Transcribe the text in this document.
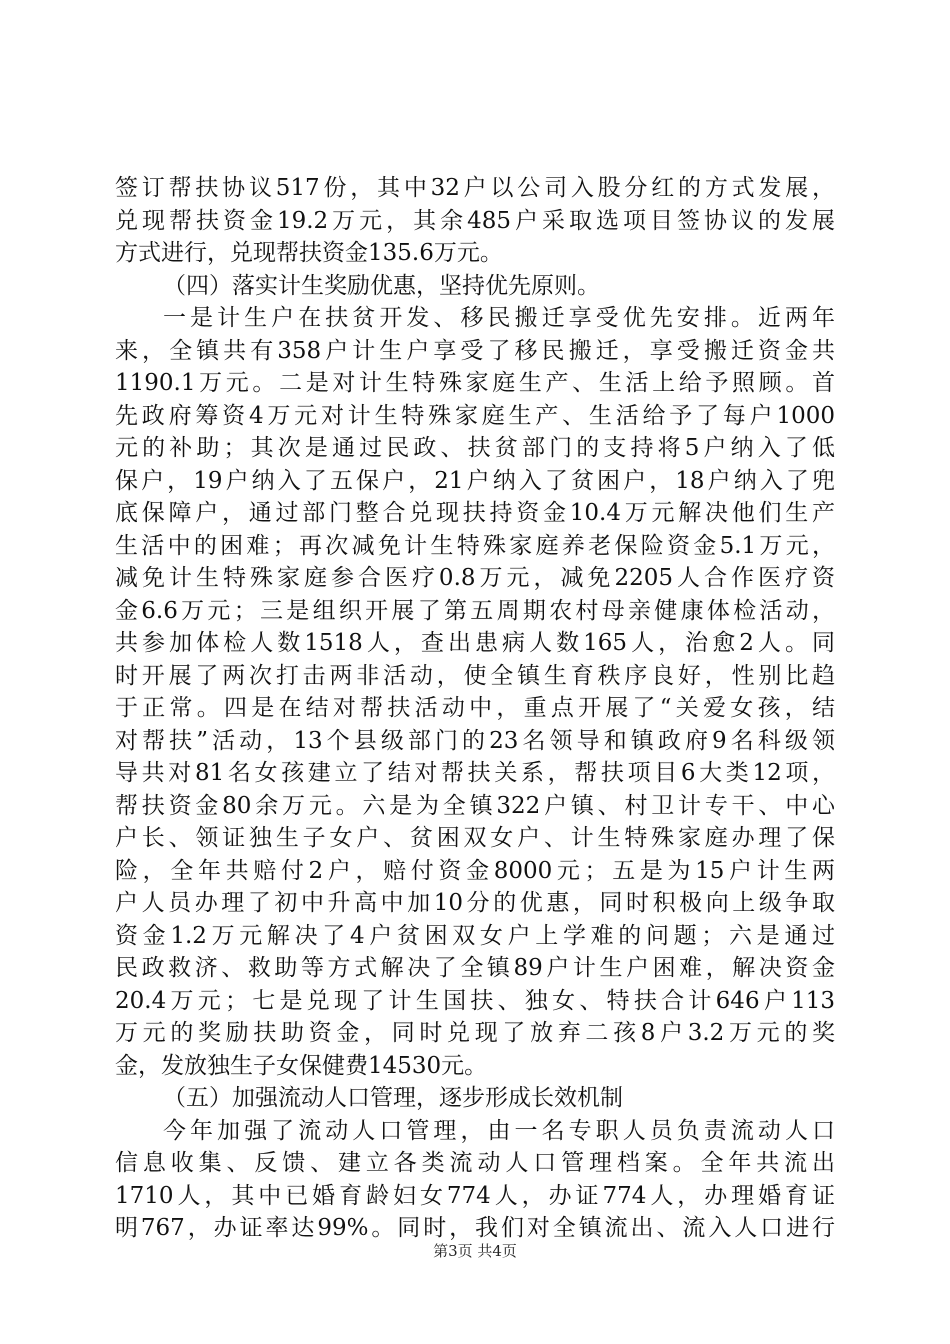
签订帮扶协议517份，其中32户以公司入股分红的方式发展，
兑现帮扶资金19.2万元，其余485户采取选项目签协议的发展
方式进行，兑现帮扶资金135.6万元。
（四）落实计生奖励优惠，坚持优先原则。
一是计生户在扶贫开发、移民搬迁享受优先安排。近两年
来，全镇共有358户计生户享受了移民搬迁，享受搬迁资金共
1190.1万元。二是对计生特殊家庭生产、生活上给予照顾。首
先政府筹资4万元对计生特殊家庭生产、生活给予了每户1000
元的补助；其次是通过民政、扶贫部门的支持将5户纳入了低
保户，19户纳入了五保户，21户纳入了贫困户，18户纳入了兜
底保障户，通过部门整合兑现扶持资金10.4万元解决他们生产
生活中的困难；再次减免计生特殊家庭养老保险资金5.1万元，
减免计生特殊家庭参合医疗0.8万元，减免2205人合作医疗资
金6.6万元；三是组织开展了第五周期农村母亲健康体检活动，
共参加体检人数1518人，查出患病人数165人，治愈2人。同
时开展了两次打击两非活动，使全镇生育秩序良好，性别比趋
于正常。四是在结对帮扶活动中，重点开展了“关爱女孩，结
对帮扶”活动，13个县级部门的23名领导和镇政府9名科级领
导共对81名女孩建立了结对帮扶关系，帮扶项目6大类12项，
帮扶资金80余万元。六是为全镇322户镇、村卫计专干、中心
户长、领证独生子女户、贫困双女户、计生特殊家庭办理了保
险，全年共赔付2户，赔付资金8000元；五是为15户计生两
户人员办理了初中升高中加10分的优惠，同时积极向上级争取
资金1.2万元解决了4户贫困双女户上学难的问题；六是通过
民政救济、救助等方式解决了全镇89户计生户困难，解决资金
20.4万元；七是兑现了计生国扶、独女、特扶合计646户113
万元的奖励扶助资金，同时兑现了放弃二孩8户3.2万元的奖
金，发放独生子女保健费14530元。
（五）加强流动人口管理，逐步形成长效机制
今年加强了流动人口管理，由一名专职人员负责流动人口
信息收集、反馈、建立各类流动人口管理档案。全年共流出
1710人，其中已婚育龄妇女774人，办证774人，办理婚育证
明767，办证率达99%。同时，我们对全镇流出、流入人口进行
第3页 共4页
